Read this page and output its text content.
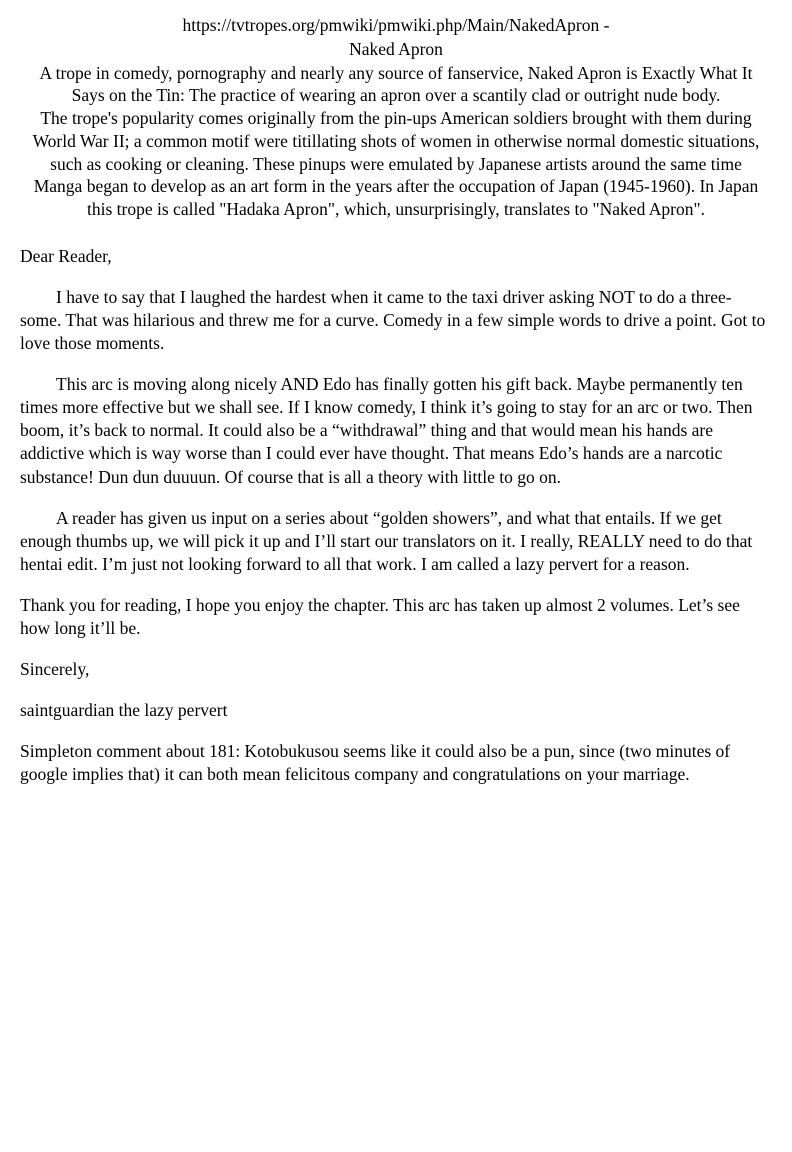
https://tvtropes.org/pmwiki/pmwiki.php/Main/NakedApron -
Naked Apron
A trope in comedy, pornography and nearly any source of fanservice, Naked Apron is Exactly What It
Says on the Tin: The practice of wearing an apron over a scantily clad or outright nude body.
The trope's popularity comes originally from the pin-ups American soldiers brought with them during
World War II; a common motif were titillating shots of women in otherwise normal domestic situations,
such as cooking or cleaning. These pinups were emulated by Japanese artists around the same time
Manga began to develop as an art form in the years after the occupation of Japan (1945-1960). In Japan
this trope is called "Hadaka Apron", which, unsurprisingly, translates to "Naked Apron".

Dear Reader,

I have to say that I laughed the hardest when it came to the taxi driver asking NOT to do a three-some. That was hilarious and threw me for a curve. Comedy in a few simple words to drive a point. Got to love those moments.

This arc is moving along nicely AND Edo has finally gotten his gift back. Maybe permanently ten times more effective but we shall see. If I know comedy, I think it’s going to stay for an arc or two. Then boom, it’s back to normal. It could also be a “withdrawal” thing and that would mean his hands are addictive which is way worse than I could ever have thought. That means Edo’s hands are a narcotic substance! Dun dun duuuun. Of course that is all a theory with little to go on.

A reader has given us input on a series about “golden showers”, and what that entails. If we get enough thumbs up, we will pick it up and I’ll start our translators on it. I really, REALLY need to do that hentai edit. I’m just not looking forward to all that work. I am called a lazy pervert for a reason.

Thank you for reading, I hope you enjoy the chapter. This arc has taken up almost 2 volumes. Let’s see how long it’ll be.

Sincerely,

saintguardian the lazy pervert

Simpleton comment about 181: Kotobukusou seems like it could also be a pun, since (two minutes of google implies that) it can both mean felicitous company and congratulations on your marriage.
